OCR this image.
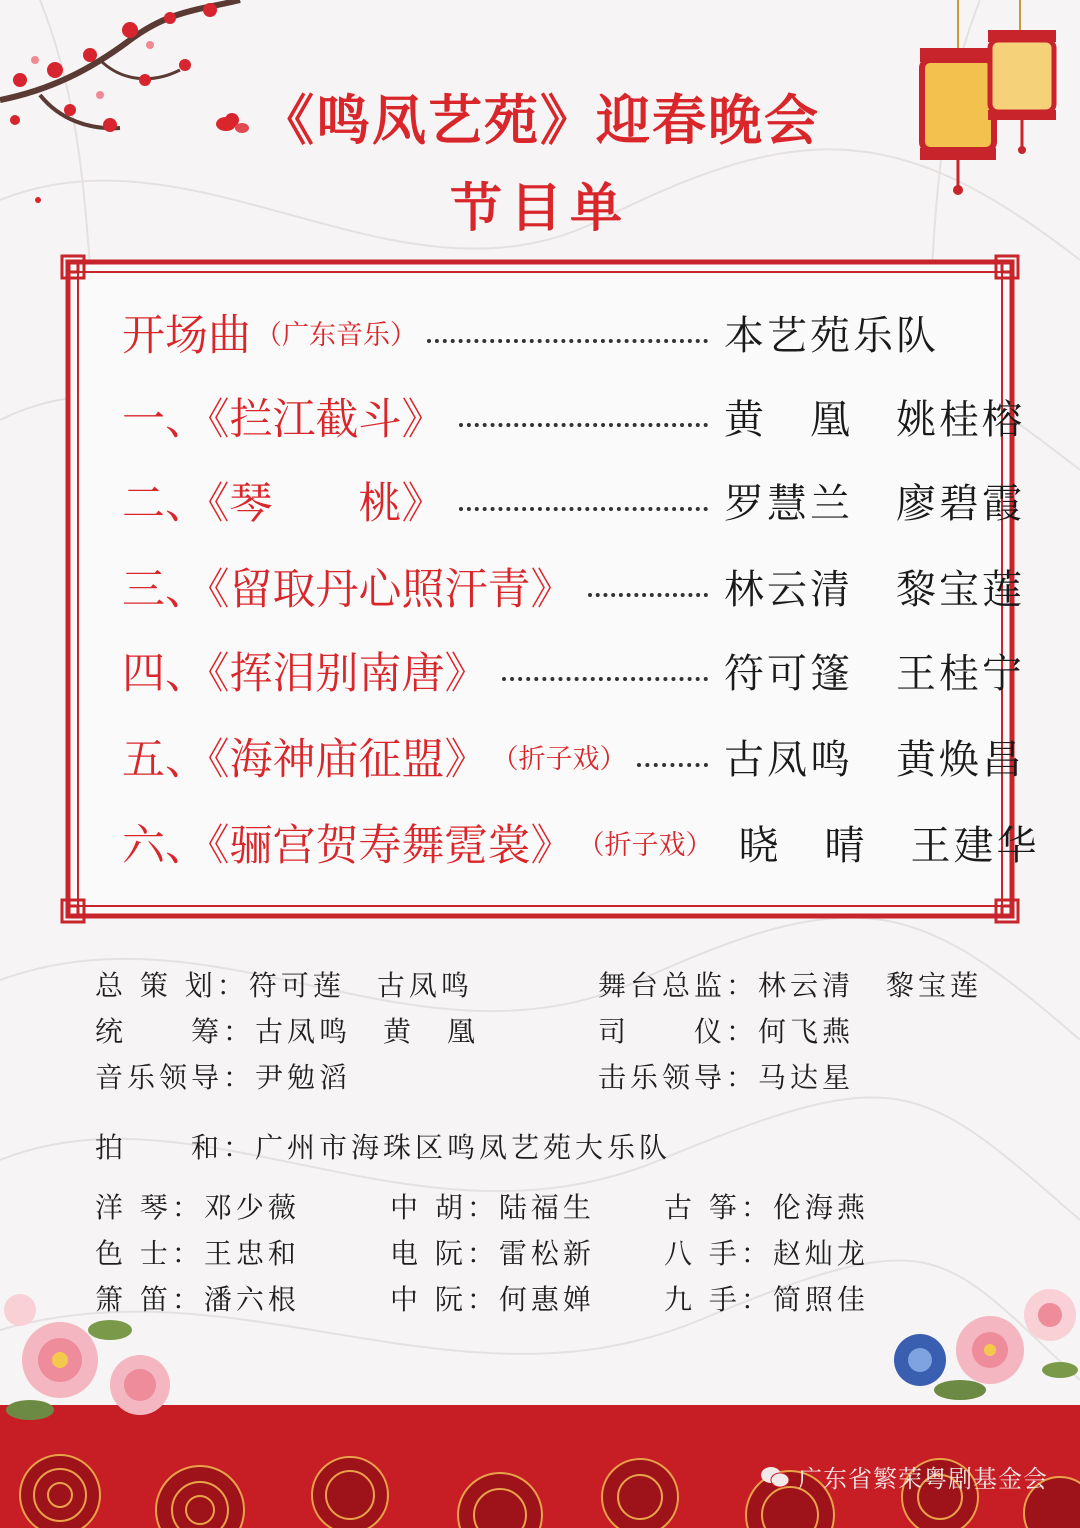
《鸣凤艺苑》迎春晚会
节目单
开场曲 （广东音乐）	本艺苑乐队
一、《拦江截斗》	黄　凰　姚桂榕
二、《琴　　桃》	罗慧兰　廖碧霞
三、《留取丹心照汗青》	林云清　黎宝莲
四、《挥泪别南唐》	符可篷　王桂宁
五、《海神庙征盟》 （折子戏） 古凤鸣　黄焕昌
六、《骊宫贺寿舞霓裳》 （折子戏） 晓　晴　王建华
总 策 划：符可莲　古凤鸣	舞台总监：林云清　黎宝莲
统　　筹：古凤鸣　黄　凰	司　　仪：何飞燕
音乐领导：尹勉滔	击乐领导：马达星
拍　　和：广州市海珠区鸣凤艺苑大乐队
洋 琴：邓少薇	中 胡：陆福生 古 筝：伦海燕
色 士：王忠和	电 阮：雷松新 八 手：赵灿龙
箫 笛：潘六根	中 阮：何惠婵 九 手：简照佳
广东省繁荣粤剧基金会
